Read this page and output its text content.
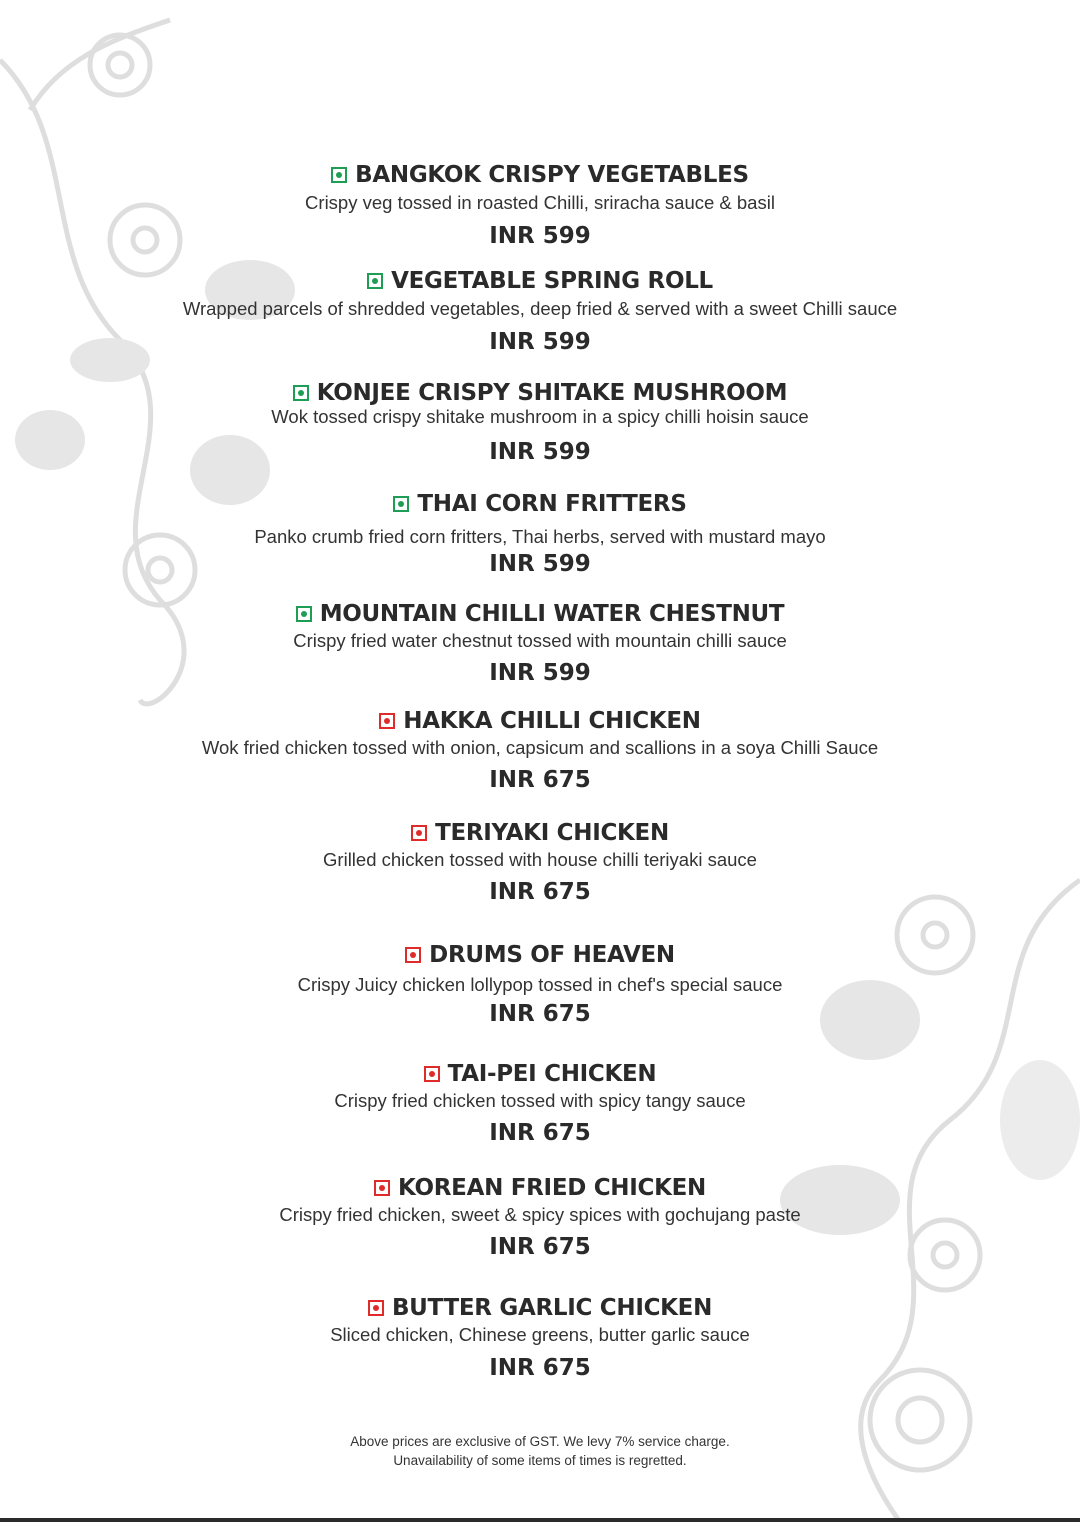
BANGKOK CRISPY VEGETABLES
Crispy veg tossed in roasted Chilli, sriracha sauce & basil
INR 599
VEGETABLE SPRING ROLL
Wrapped parcels of shredded vegetables, deep fried & served with a sweet Chilli sauce
INR 599
KONJEE CRISPY SHITAKE MUSHROOM
Wok tossed crispy shitake mushroom in a spicy chilli hoisin sauce
INR 599
THAI CORN FRITTERS
Panko crumb fried corn fritters, Thai herbs, served with mustard mayo
INR 599
MOUNTAIN CHILLI WATER CHESTNUT
Crispy fried water chestnut tossed with mountain chilli sauce
INR 599
HAKKA CHILLI CHICKEN
Wok fried chicken tossed with onion, capsicum and scallions in a soya Chilli Sauce
INR 675
TERIYAKI CHICKEN
Grilled chicken tossed with house chilli teriyaki sauce
INR 675
DRUMS OF HEAVEN
Crispy Juicy chicken lollypop tossed in chef's special sauce
INR 675
TAI-PEI CHICKEN
Crispy fried chicken tossed with spicy tangy sauce
INR 675
KOREAN FRIED CHICKEN
Crispy fried chicken, sweet & spicy spices with gochujang paste
INR 675
BUTTER GARLIC CHICKEN
Sliced chicken, Chinese greens, butter garlic sauce
INR 675
Above prices are exclusive of GST. We levy 7% service charge.
Unavailability of some items of times is regretted.
